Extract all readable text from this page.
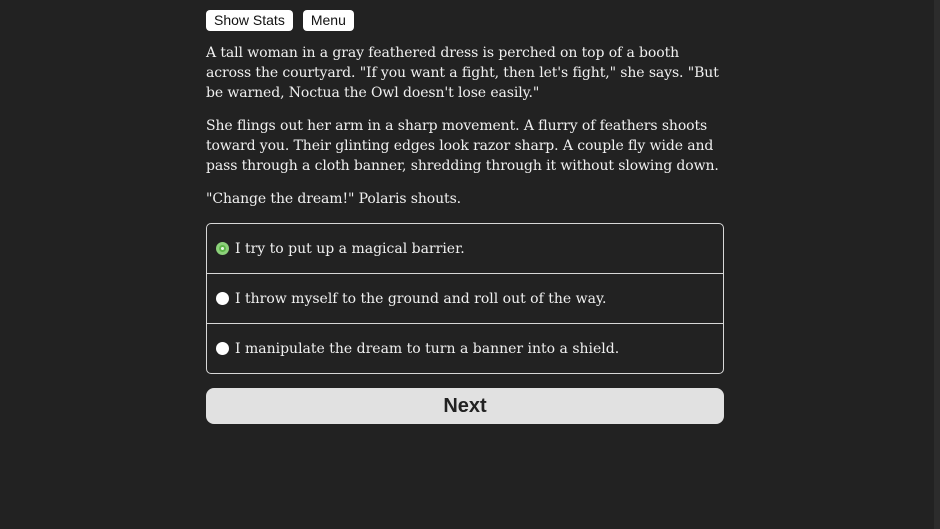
Show Stats	Menu

A tall woman in a gray feathered dress is perched on top of a booth across the courtyard. "If you want a fight, then let's fight," she says. "But be warned, Noctua the Owl doesn't lose easily."

She flings out her arm in a sharp movement. A flurry of feathers shoots toward you. Their glinting edges look razor sharp. A couple fly wide and pass through a cloth banner, shredding through it without slowing down.

"Change the dream!" Polaris shouts.

I try to put up a magical barrier.
I throw myself to the ground and roll out of the way.
I manipulate the dream to turn a banner into a shield.
Next
